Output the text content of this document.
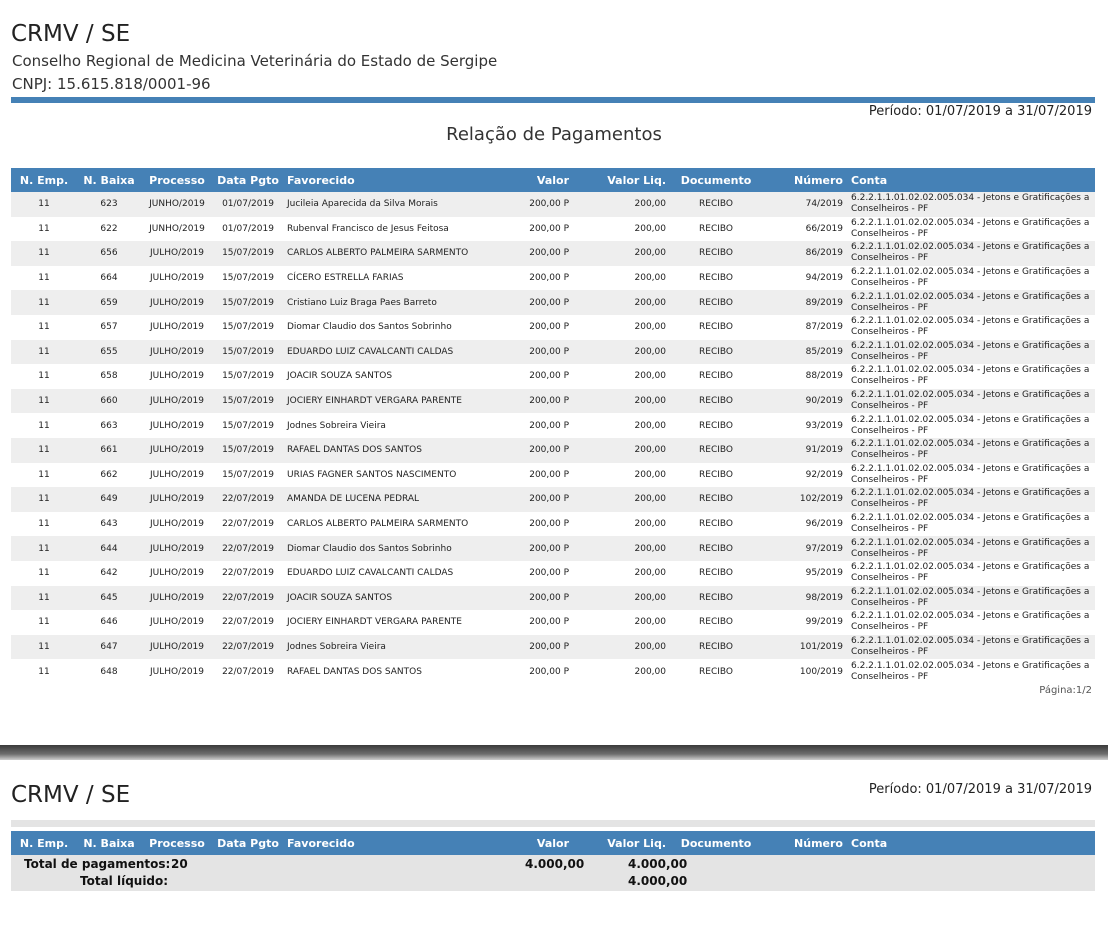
CRMV / SE
Conselho Regional de Medicina Veterinária do Estado de Sergipe
CNPJ: 15.615.818/0001-96
Período: 01/07/2019 a 31/07/2019
Relação de Pagamentos
N. Emp.	N. Baixa	Processo	Data Pgto	Favorecido	Valor	Valor Liq.	Documento	Número	Conta
11	623	JUNHO/2019	01/07/2019	Jucileia Aparecida da Silva Morais	200,00 P	200,00	RECIBO	74/2019	6.2.2.1.1.01.02.02.005.034 - Jetons e Gratificações a Conselheiros - PF
11	622	JUNHO/2019	01/07/2019	Rubenval Francisco de Jesus Feitosa	200,00 P	200,00	RECIBO	66/2019	6.2.2.1.1.01.02.02.005.034 - Jetons e Gratificações a Conselheiros - PF
11	656	JULHO/2019	15/07/2019	CARLOS ALBERTO PALMEIRA SARMENTO	200,00 P	200,00	RECIBO	86/2019	6.2.2.1.1.01.02.02.005.034 - Jetons e Gratificações a Conselheiros - PF
11	664	JULHO/2019	15/07/2019	CÍCERO ESTRELLA FARIAS	200,00 P	200,00	RECIBO	94/2019	6.2.2.1.1.01.02.02.005.034 - Jetons e Gratificações a Conselheiros - PF
11	659	JULHO/2019	15/07/2019	Cristiano Luiz Braga Paes Barreto	200,00 P	200,00	RECIBO	89/2019	6.2.2.1.1.01.02.02.005.034 - Jetons e Gratificações a Conselheiros - PF
11	657	JULHO/2019	15/07/2019	Diomar Claudio dos Santos Sobrinho	200,00 P	200,00	RECIBO	87/2019	6.2.2.1.1.01.02.02.005.034 - Jetons e Gratificações a Conselheiros - PF
11	655	JULHO/2019	15/07/2019	EDUARDO LUIZ CAVALCANTI CALDAS	200,00 P	200,00	RECIBO	85/2019	6.2.2.1.1.01.02.02.005.034 - Jetons e Gratificações a Conselheiros - PF
11	658	JULHO/2019	15/07/2019	JOACIR SOUZA SANTOS	200,00 P	200,00	RECIBO	88/2019	6.2.2.1.1.01.02.02.005.034 - Jetons e Gratificações a Conselheiros - PF
11	660	JULHO/2019	15/07/2019	JOCIERY EINHARDT VERGARA PARENTE	200,00 P	200,00	RECIBO	90/2019	6.2.2.1.1.01.02.02.005.034 - Jetons e Gratificações a Conselheiros - PF
11	663	JULHO/2019	15/07/2019	Jodnes Sobreira Vieira	200,00 P	200,00	RECIBO	93/2019	6.2.2.1.1.01.02.02.005.034 - Jetons e Gratificações a Conselheiros - PF
11	661	JULHO/2019	15/07/2019	RAFAEL DANTAS DOS SANTOS	200,00 P	200,00	RECIBO	91/2019	6.2.2.1.1.01.02.02.005.034 - Jetons e Gratificações a Conselheiros - PF
11	662	JULHO/2019	15/07/2019	URIAS FAGNER SANTOS NASCIMENTO	200,00 P	200,00	RECIBO	92/2019	6.2.2.1.1.01.02.02.005.034 - Jetons e Gratificações a Conselheiros - PF
11	649	JULHO/2019	22/07/2019	AMANDA DE LUCENA PEDRAL	200,00 P	200,00	RECIBO	102/2019	6.2.2.1.1.01.02.02.005.034 - Jetons e Gratificações a Conselheiros - PF
11	643	JULHO/2019	22/07/2019	CARLOS ALBERTO PALMEIRA SARMENTO	200,00 P	200,00	RECIBO	96/2019	6.2.2.1.1.01.02.02.005.034 - Jetons e Gratificações a Conselheiros - PF
11	644	JULHO/2019	22/07/2019	Diomar Claudio dos Santos Sobrinho	200,00 P	200,00	RECIBO	97/2019	6.2.2.1.1.01.02.02.005.034 - Jetons e Gratificações a Conselheiros - PF
11	642	JULHO/2019	22/07/2019	EDUARDO LUIZ CAVALCANTI CALDAS	200,00 P	200,00	RECIBO	95/2019	6.2.2.1.1.01.02.02.005.034 - Jetons e Gratificações a Conselheiros - PF
11	645	JULHO/2019	22/07/2019	JOACIR SOUZA SANTOS	200,00 P	200,00	RECIBO	98/2019	6.2.2.1.1.01.02.02.005.034 - Jetons e Gratificações a Conselheiros - PF
11	646	JULHO/2019	22/07/2019	JOCIERY EINHARDT VERGARA PARENTE	200,00 P	200,00	RECIBO	99/2019	6.2.2.1.1.01.02.02.005.034 - Jetons e Gratificações a Conselheiros - PF
11	647	JULHO/2019	22/07/2019	Jodnes Sobreira Vieira	200,00 P	200,00	RECIBO	101/2019	6.2.2.1.1.01.02.02.005.034 - Jetons e Gratificações a Conselheiros - PF
11	648	JULHO/2019	22/07/2019	RAFAEL DANTAS DOS SANTOS	200,00 P	200,00	RECIBO	100/2019	6.2.2.1.1.01.02.02.005.034 - Jetons e Gratificações a Conselheiros - PF
Página:1/2
CRMV / SE	Período: 01/07/2019 a 31/07/2019
N. Emp.	N. Baixa	Processo	Data Pgto	Favorecido	Valor	Valor Liq.	Documento	Número	Conta
Total de pagamentos: 20	4.000,00	4.000,00
Total líquido:	4.000,00
